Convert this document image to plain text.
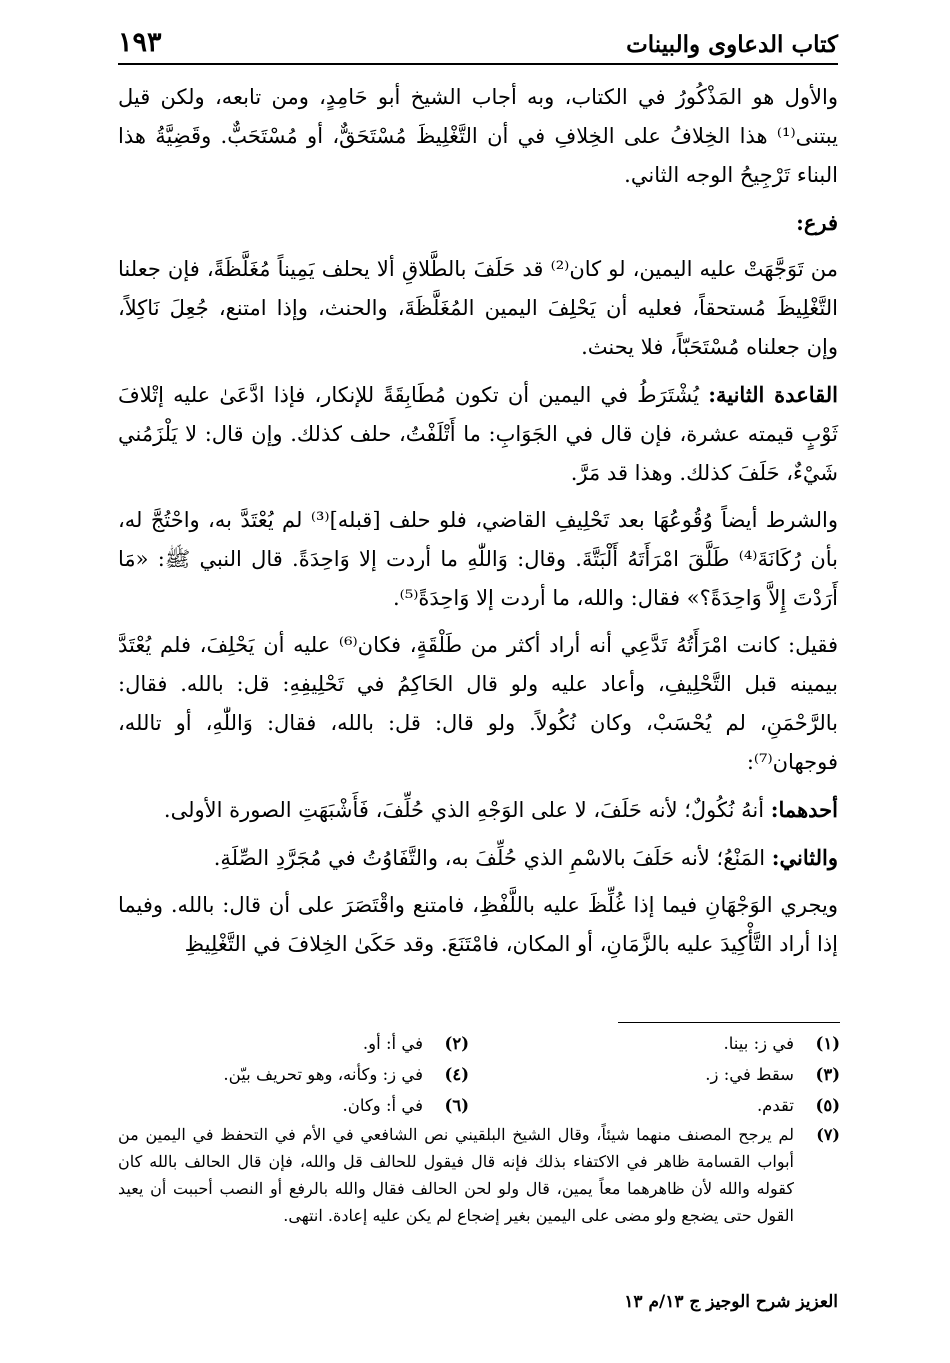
كتاب الدعاوى والبينات
١٩٣

والأول هو المَذْكُورُ في الكتاب، وبه أجاب الشيخ أبو حَامِدٍ، ومن تابعه، ولكن قيل يبتنى⁽¹⁾ هذا الخِلافُ على الخِلافِ في أن التَّغْلِيظَ مُسْتَحَقٌّ، أو مُسْتَحَبٌّ. وقَضِيَّةُ هذا البناء تَرْجِيحُ الوجه الثاني.

فرع:

من تَوَجَّهَتْ عليه اليمين، لو كان⁽²⁾ قد حَلَفَ بالطَّلاقِ ألا يحلف يَمِيناً مُغَلَّظَةً، فإن جعلنا التَّغْلِيظَ مُستحقاً، فعليه أن يَحْلِفَ اليمين المُغَلَّظَةَ، والحنث، وإذا امتنع، جُعِلَ نَاكِلاً، وإن جعلناه مُسْتَحَبّاً، فلا يحنث.

القاعدة الثانية: يُشْتَرَطُ في اليمين أن تكون مُطَابِقَةً للإنكار، فإذا ادَّعَىٰ عليه إتْلافَ ثَوْبٍ قيمته عشرة، فإن قال في الجَوَابِ: ما أَتْلَفْتُ، حلف كذلك. وإن قال: لا يَلْزَمُني شَيْءٌ، حَلَفَ كذلك. وهذا قد مَرَّ.

والشرط أيضاً وُقُوعُهَا بعد تَحْلِيفِ القاضي، فلو حلف [قبله]⁽³⁾ لم يُعْتَدَّ به، واحْتُجَّ له، بأن رُكَانَةَ⁽⁴⁾ طَلَّقَ امْرَأَتَهُ أَلْبَتَّةَ. وقال: وَاللّٰهِ ما أردت إلا وَاحِدَةً. قال النبي ﷺ: «مَا أَرَدْتَ إِلاَّ وَاحِدَةً؟» فقال: والله، ما أردت إلا وَاحِدَةً⁽⁵⁾.

فقيل: كانت امْرَأَتُهُ تَدَّعِي أنه أراد أكثر من طَلْقَةٍ، فكان⁽⁶⁾ عليه أن يَحْلِفَ، فلم يُعْتَدَّ بيمينه قبل التَّحْلِيفِ، وأعاد عليه ولو قال الحَاكِمُ في تَحْلِيفِهِ: قل: بالله. فقال: بالرَّحْمَنِ، لم يُحْسَبْ، وكان نُكُولاً. ولو قال: قل: بالله، فقال: وَاللّٰهِ، أو تالله، فوجهان⁽⁷⁾:

أحدهما: أنهُ نُكُولٌ؛ لأنه حَلَفَ، لا على الوَجْهِ الذي حُلِّفَ، فَأَشْبَهَتِ الصورة الأولى.

والثاني: المَنْعُ؛ لأنه حَلَفَ بالاسْمِ الذي حُلِّفَ به، والتَّفَاوُتُ في مُجَرَّدِ الصِّلَةِ.

ويجري الوَجْهَانِ فيما إذا غُلِّظَ عليه باللَّفْظِ، فامتنع واقْتَصَرَ على أن قال: بالله. وفيما إذا أراد التَّأْكِيدَ عليه بالزَّمَانِ، أو المكان، فامْتَنَعَ. وقد حَكَىٰ الخِلافَ في التَّغْلِيظِ

(١)
في ز: بينا.
(٢)
في أ: أو.
(٣)
سقط في: ز.
(٤)
في ز: وكأنه، وهو تحريف بيّن.
(٥)
تقدم.
(٦)
في أ: وكان.
(٧)
لم يرجح المصنف منهما شيئاً، وقال الشيخ البلقيني نص الشافعي في الأم في التحفظ في اليمين من أبواب القسامة ظاهر في الاكتفاء بذلك فإنه قال فيقول للحالف قل والله، فإن قال الحالف بالله كان كقوله والله لأن ظاهرهما معاً يمين، قال ولو لحن الحالف فقال والله بالرفع أو النصب أحببت أن يعيد القول حتى يضجع ولو مضى على اليمين بغير إضجاع لم يكن عليه إعادة. انتهى.
العزيز شرح الوجيز ج ١٣/م ١٣
